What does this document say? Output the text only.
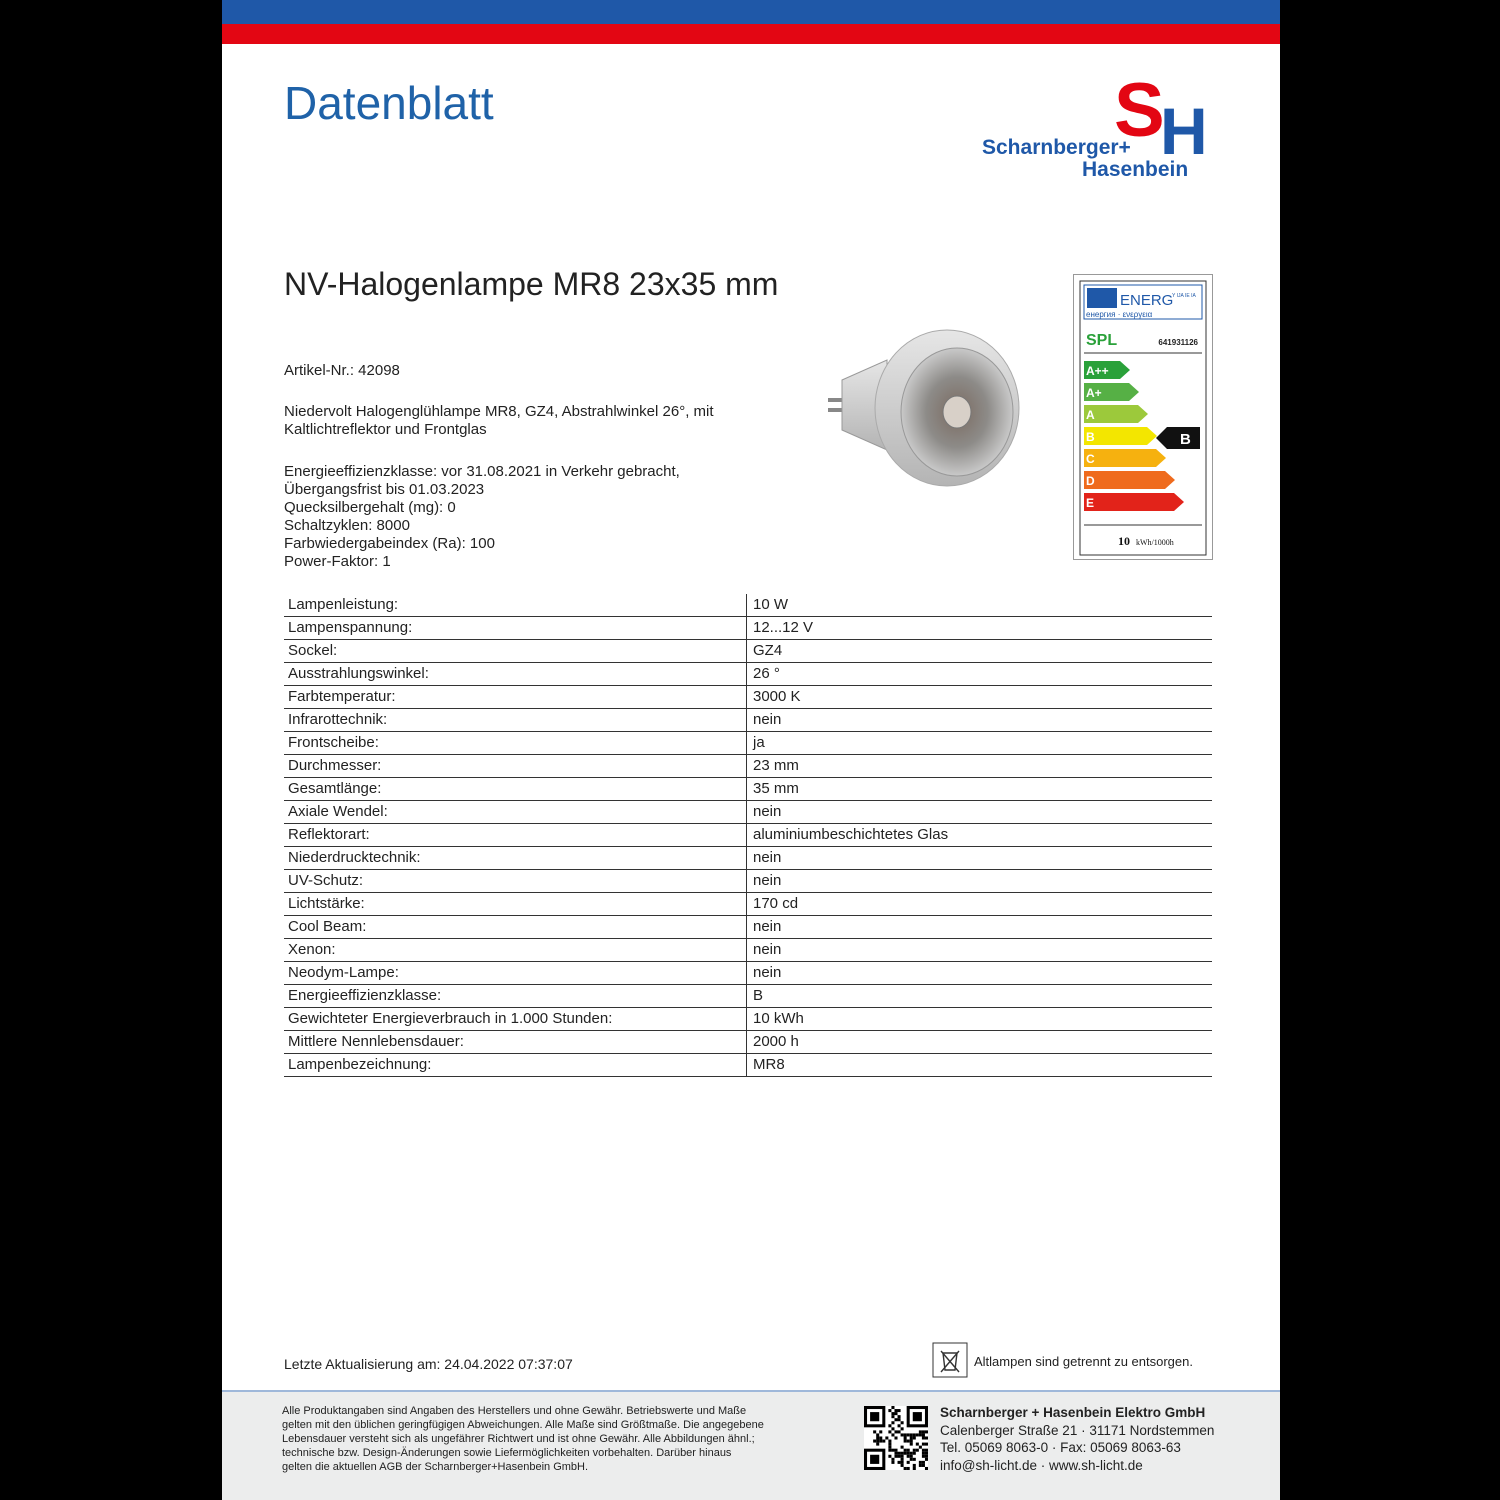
Datenblatt	S
H
Scharnberger+
Hasenbein
NV-Halogenlampe MR8 23x35 mm
Artikel-Nr.: 42098
Niedervolt Halogenglühlampe MR8, GZ4, Abstrahlwinkel 26°, mit Kaltlichtreflektor und Frontglas
Energieeffizienzklasse: vor 31.08.2021 in Verkehr gebracht,
Übergangsfrist bis 01.03.2023
Quecksilbergehalt (mg): 0
Schaltzyklen: 8000
Farbwiedergabeindex (Ra): 100
Power-Faktor: 1
ENERG
Y IJA IE IA
енергия · ενεργεια
SPL	641931126
A++
A+
A
B
C
D
E
B
10 kWh/1000h
Lampenleistung:	10 W
Lampenspannung:	12...12 V
Sockel:	GZ4
Ausstrahlungswinkel:	26 °
Farbtemperatur:	3000 K
Infrarottechnik:	nein
Frontscheibe:	ja
Durchmesser:	23 mm
Gesamtlänge:	35 mm
Axiale Wendel:	nein
Reflektorart:	aluminiumbeschichtetes Glas
Niederdrucktechnik:	nein
UV-Schutz:	nein
Lichtstärke:	170 cd
Cool Beam:	nein
Xenon:	nein
Neodym-Lampe:	nein
Energieeffizienzklasse:	B
Gewichteter Energieverbrauch in 1.000 Stunden:	10 kWh
Mittlere Nennlebensdauer:	2000 h
Lampenbezeichnung:	MR8
Letzte Aktualisierung am: 24.04.2022 07:37:07	Altlampen sind getrennt zu entsorgen.
Alle Produktangaben sind Angaben des Herstellers und ohne Gewähr. Betriebswerte und Maße
gelten mit den üblichen geringfügigen Abweichungen. Alle Maße sind Größtmaße. Die angegebene
Lebensdauer versteht sich als ungefährer Richtwert und ist ohne Gewähr. Alle Abbildungen ähnl.;
technische bzw. Design-Änderungen sowie Liefermöglichkeiten vorbehalten. Darüber hinaus
gelten die aktuellen AGB der Scharnberger+Hasenbein GmbH.
Scharnberger + Hasenbein Elektro GmbH
Calenberger Straße 21 · 31171 Nordstemmen
Tel. 05069 8063-0 · Fax: 05069 8063-63
info@sh-licht.de · www.sh-licht.de
